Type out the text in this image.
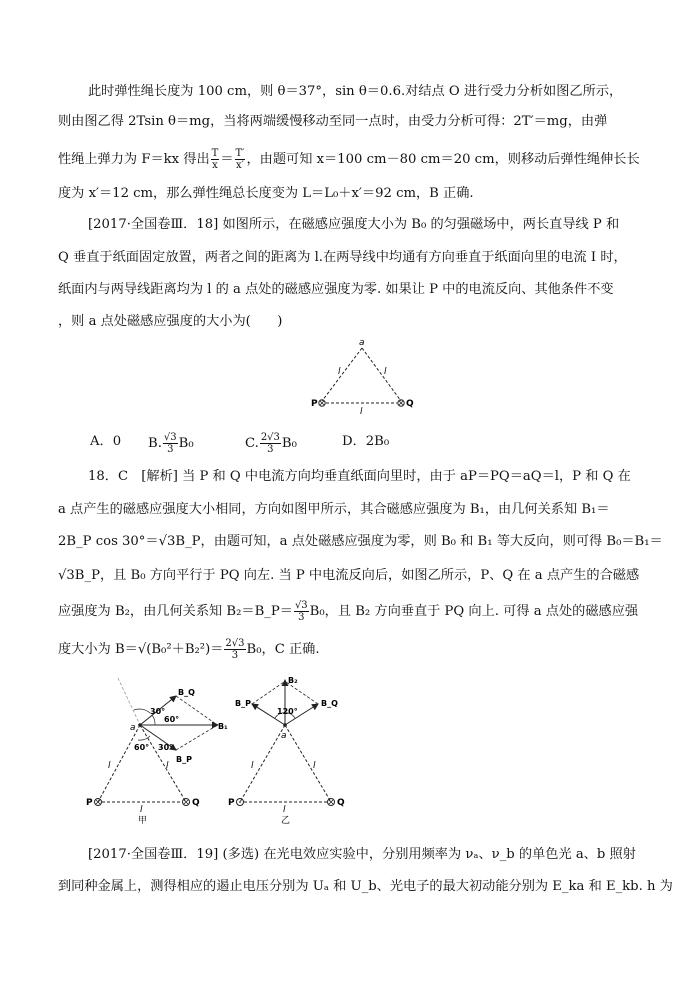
此时弹性绳长度为 100 cm，则 θ＝37°，sin θ＝0.6.对结点 O 进行受力分析如图乙所示，
则由图乙得 2Tsin θ＝mg，当将两端缓慢移动至同一点时，由受力分析可得：2T′＝mg，由弹
性绳上弹力为 F＝kx 得出 $\frac{T}{x} = \frac{T'}{x'}$ ，由题可知 x＝100 cm－80 cm＝20 cm，则移动后弹性绳伸长长
度为 x′＝12 cm，那么弹性绳总长度变为 L＝L₀＋x′＝92 cm，B 正确.
[2017·全国卷Ⅲ．18] 如图所示，在磁感应强度大小为 B₀ 的匀强磁场中，两长直导线 P 和
Q 垂直于纸面固定放置，两者之间的距离为 l.在两导线中均通有方向垂直于纸面向里的电流 I 时，
纸面内与两导线距离均为 l 的 a 点处的磁感应强度为零. 如果让 P 中的电流反向、其他条件不变
，则 a 点处磁感应强度的大小为(　　)
a
P	Q
l	l
l
A．0 B. $\frac{√3}{3} B_0$	C. $\frac{2√3}{3} B_0$	D．2B₀
18．C　[解析] 当 P 和 Q 中电流方向均垂直纸面向里时，由于 aP＝PQ＝aQ＝l，P 和 Q 在
a 点产生的磁感应强度大小相同，方向如图甲所示，其合磁感应强度为 B₁，由几何关系知 B₁＝
2B_P cos 30°＝√3B_P，由题可知，a 点处磁感应强度为零，则 B₀ 和 B₁ 等大反向，则可得 B₀＝B₁＝
√3B_P，且 B₀ 方向平行于 PQ 向左. 当 P 中电流反向后，如图乙所示，P、Q 在 a 点产生的合磁感
应强度为 B₂，由几何关系知 B₂＝B_P＝ $\frac{√3}{3} B_0$，且 B₂ 方向垂直于 PQ 向上. 可得 a 点处的磁感应强
度大小为 $B=√(B_0^2+B_2^2)= \frac{2√3}{3} B_0$，C 正确.
a
B_Q
B₁
B_P
30°
60°
60° 30°
l	l
l
P	Q
甲
a
B₂
B_P	B_Q
120°
l	l
l
P	Q
乙
[2017·全国卷Ⅲ．19] (多选) 在光电效应实验中，分别用频率为 νₐ、ν_b 的单色光 a、b 照射
到同种金属上，测得相应的遏止电压分别为 Uₐ 和 U_b、光电子的最大初动能分别为 E_ka 和 E_kb. h 为
